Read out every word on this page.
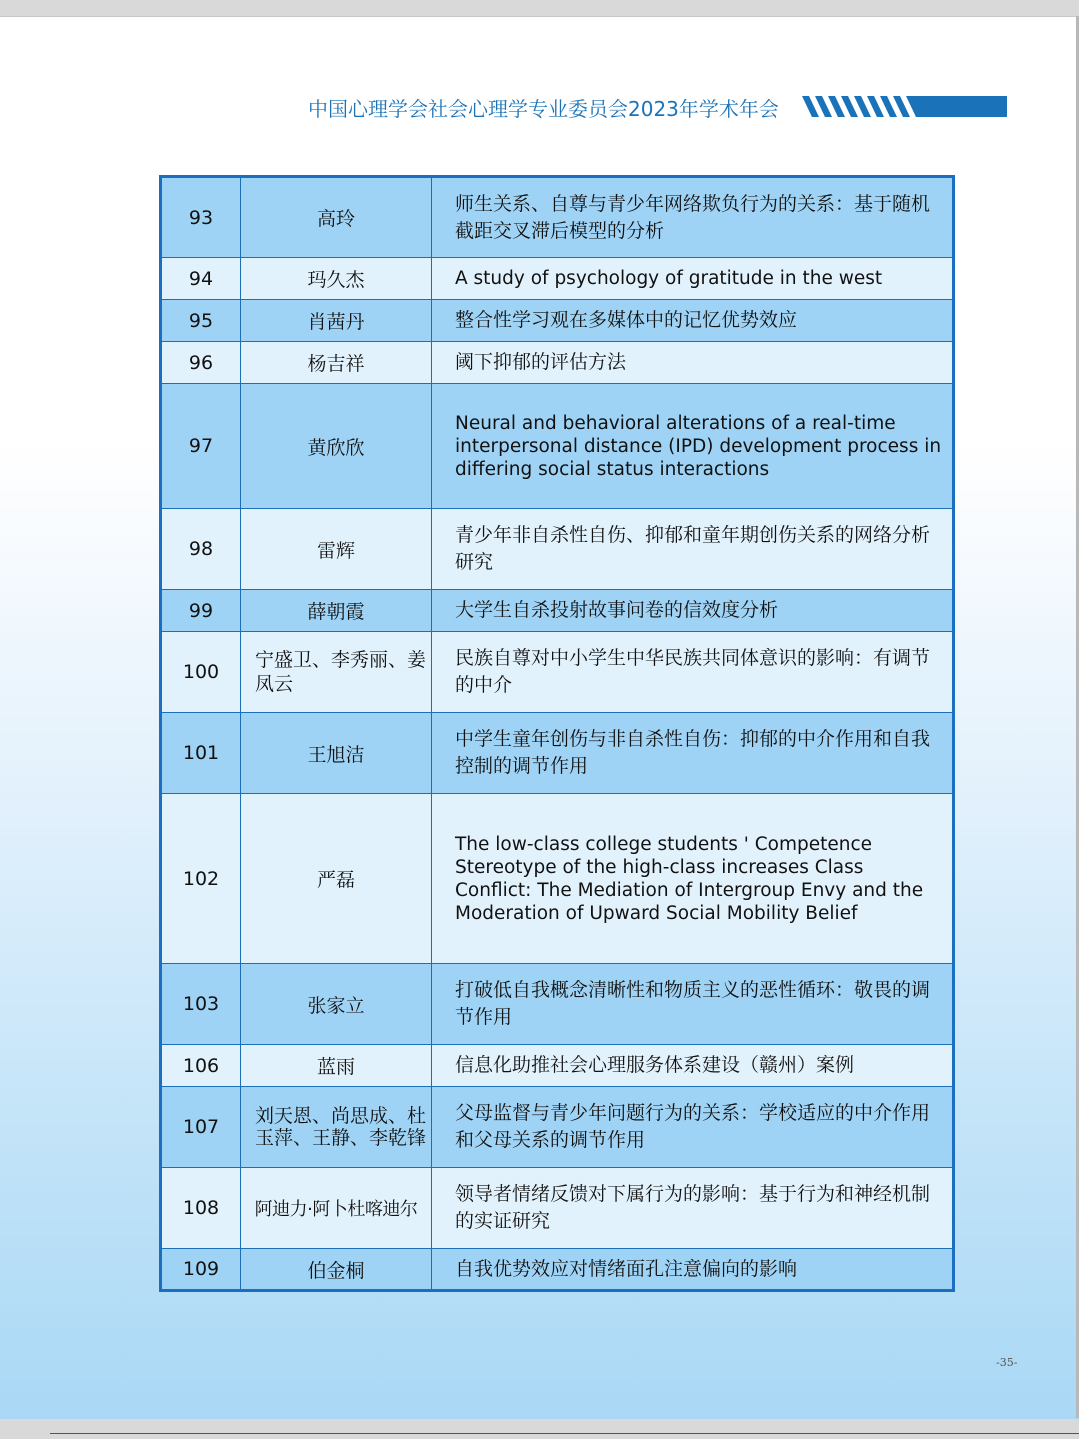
中国心理学会社会心理学专业委员会2023年学术年会
93	高玲	师生关系、自尊与青少年网络欺负行为的关系：基于随机截距交叉滞后模型的分析
94	玛久杰	A study of psychology of gratitude in the west
95	肖茜丹	整合性学习观在多媒体中的记忆优势效应
96	杨吉祥	阈下抑郁的评估方法
97	黄欣欣	Neural and behavioral alterations of a real-time interpersonal distance (IPD) development process in differing social status interactions
98	雷辉	青少年非自杀性自伤、抑郁和童年期创伤关系的网络分析研究
99	薛朝霞	大学生自杀投射故事问卷的信效度分析
100	宁盛卫、李秀丽、姜凤云	民族自尊对中小学生中华民族共同体意识的影响：有调节的中介
101	王旭洁	中学生童年创伤与非自杀性自伤：抑郁的中介作用和自我控制的调节作用
102	严磊	The low-class college students ' Competence Stereotype of the high-class increases Class Conflict: The Mediation of Intergroup Envy and the Moderation of Upward Social Mobility Belief
103	张家立	打破低自我概念清晰性和物质主义的恶性循环：敬畏的调节作用
106	蓝雨	信息化助推社会心理服务体系建设（赣州）案例
107	刘天恩、尚思成、杜玉萍、王静、李乾锋	父母监督与青少年问题行为的关系：学校适应的中介作用和父母关系的调节作用
108	阿迪力·阿卜杜喀迪尔	领导者情绪反馈对下属行为的影响：基于行为和神经机制的实证研究
109	伯金桐	自我优势效应对情绪面孔注意偏向的影响
-35-
